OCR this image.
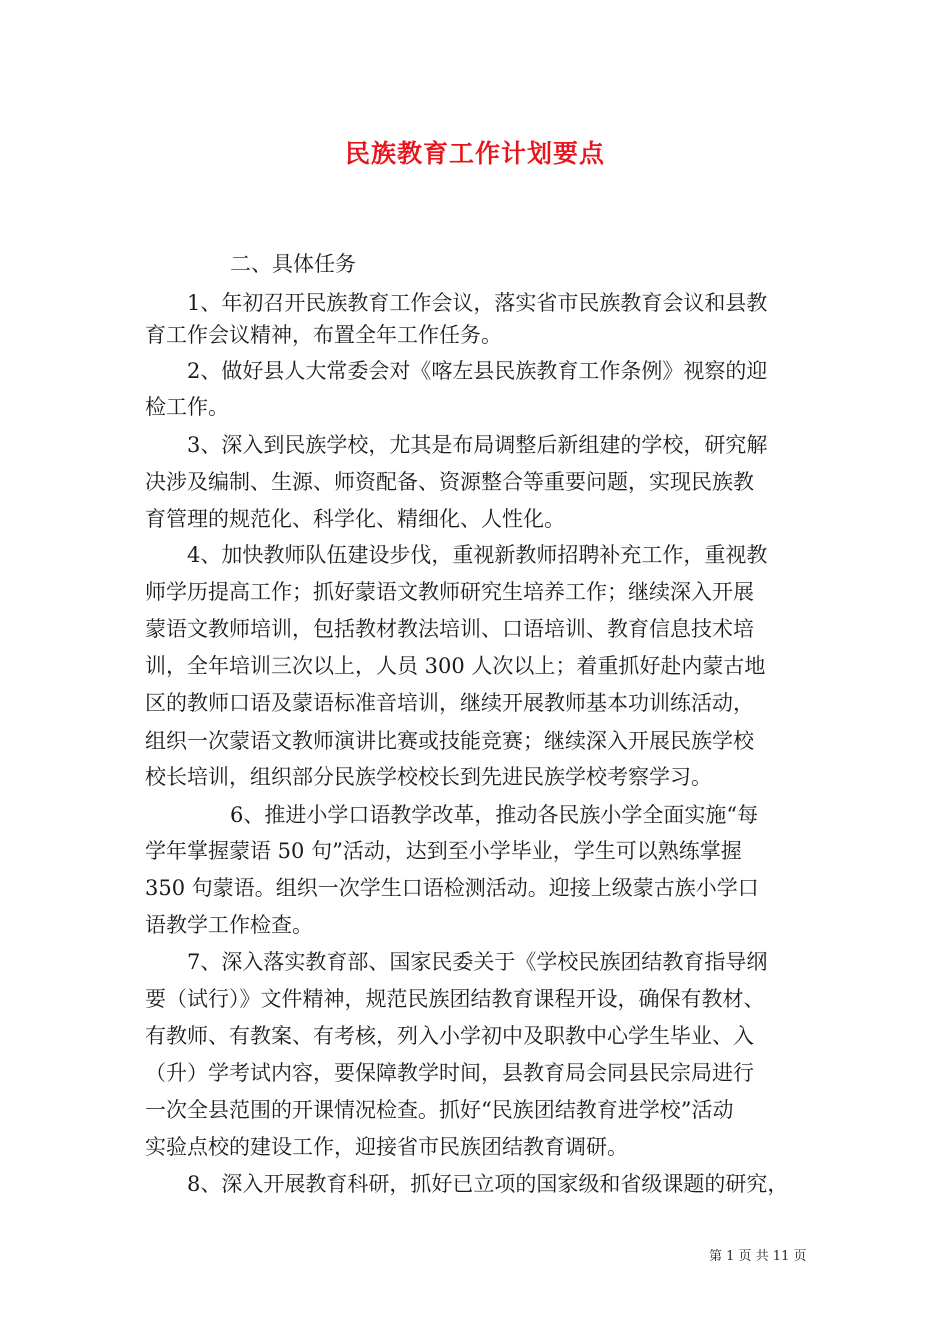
民族教育工作计划要点
二、具体任务
1、年初召开民族教育工作会议，落实省市民族教育会议和县教
育工作会议精神，布置全年工作任务。
2、做好县人大常委会对《喀左县民族教育工作条例》视察的迎
检工作。
3、深入到民族学校，尤其是布局调整后新组建的学校，研究解
决涉及编制、生源、师资配备、资源整合等重要问题，实现民族教
育管理的规范化、科学化、精细化、人性化。
4、加快教师队伍建设步伐，重视新教师招聘补充工作，重视教
师学历提高工作；抓好蒙语文教师研究生培养工作；继续深入开展
蒙语文教师培训，包括教材教法培训、口语培训、教育信息技术培
训，全年培训三次以上，人员 300 人次以上；着重抓好赴内蒙古地
区的教师口语及蒙语标准音培训，继续开展教师基本功训练活动，
组织一次蒙语文教师演讲比赛或技能竞赛；继续深入开展民族学校
校长培训，组织部分民族学校校长到先进民族学校考察学习。
6、推进小学口语教学改革，推动各民族小学全面实施“每
学年掌握蒙语 50 句”活动，达到至小学毕业，学生可以熟练掌握
350 句蒙语。组织一次学生口语检测活动。迎接上级蒙古族小学口
语教学工作检查。
7、深入落实教育部、国家民委关于《学校民族团结教育指导纲
要（试行）》文件精神，规范民族团结教育课程开设，确保有教材、
有教师、有教案、有考核，列入小学初中及职教中心学生毕业、入
（升）学考试内容，要保障教学时间，县教育局会同县民宗局进行
一次全县范围的开课情况检查。抓好“民族团结教育进学校”活动
实验点校的建设工作，迎接省市民族团结教育调研。
8、深入开展教育科研，抓好已立项的国家级和省级课题的研究，
第 1 页 共 11 页
